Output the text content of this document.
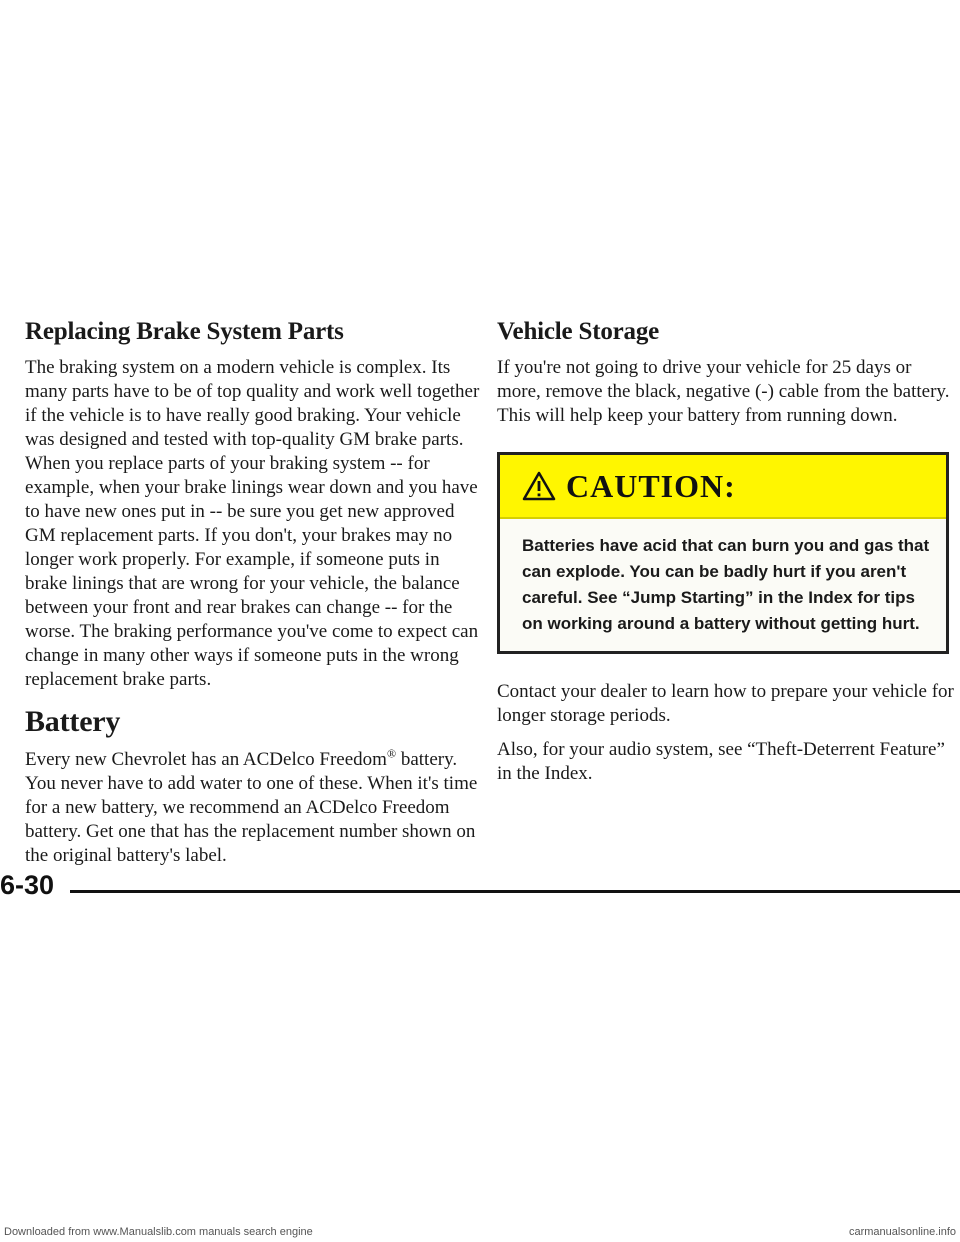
Replacing Brake System Parts

The braking system on a modern vehicle is complex. Its many parts have to be of top quality and work well together if the vehicle is to have really good braking. Your vehicle was designed and tested with top-quality GM brake parts. When you replace parts of your braking system -- for example, when your brake linings wear down and you have to have new ones put in -- be sure you get new approved GM replacement parts. If you don't, your brakes may no longer work properly. For example, if someone puts in brake linings that are wrong for your vehicle, the balance between your front and rear brakes can change -- for the worse. The braking performance you've come to expect can change in many other ways if someone puts in the wrong replacement brake parts.

Battery

Every new Chevrolet has an ACDelco Freedom® battery. You never have to add water to one of these. When it's time for a new battery, we recommend an ACDelco Freedom battery. Get one that has the replacement number shown on the original battery's label.

Vehicle Storage

If you're not going to drive your vehicle for 25 days or more, remove the black, negative (-) cable from the battery. This will help keep your battery from running down.

CAUTION:
Batteries have acid that can burn you and gas that can explode. You can be badly hurt if you aren't careful. See “Jump Starting” in the Index for tips on working around a battery without getting hurt.

Contact your dealer to learn how to prepare your vehicle for longer storage periods.

Also, for your audio system, see “Theft-Deterrent Feature” in the Index.

6-30
Downloaded from www.Manualslib.com manuals search engine	carmanualsonline.info
